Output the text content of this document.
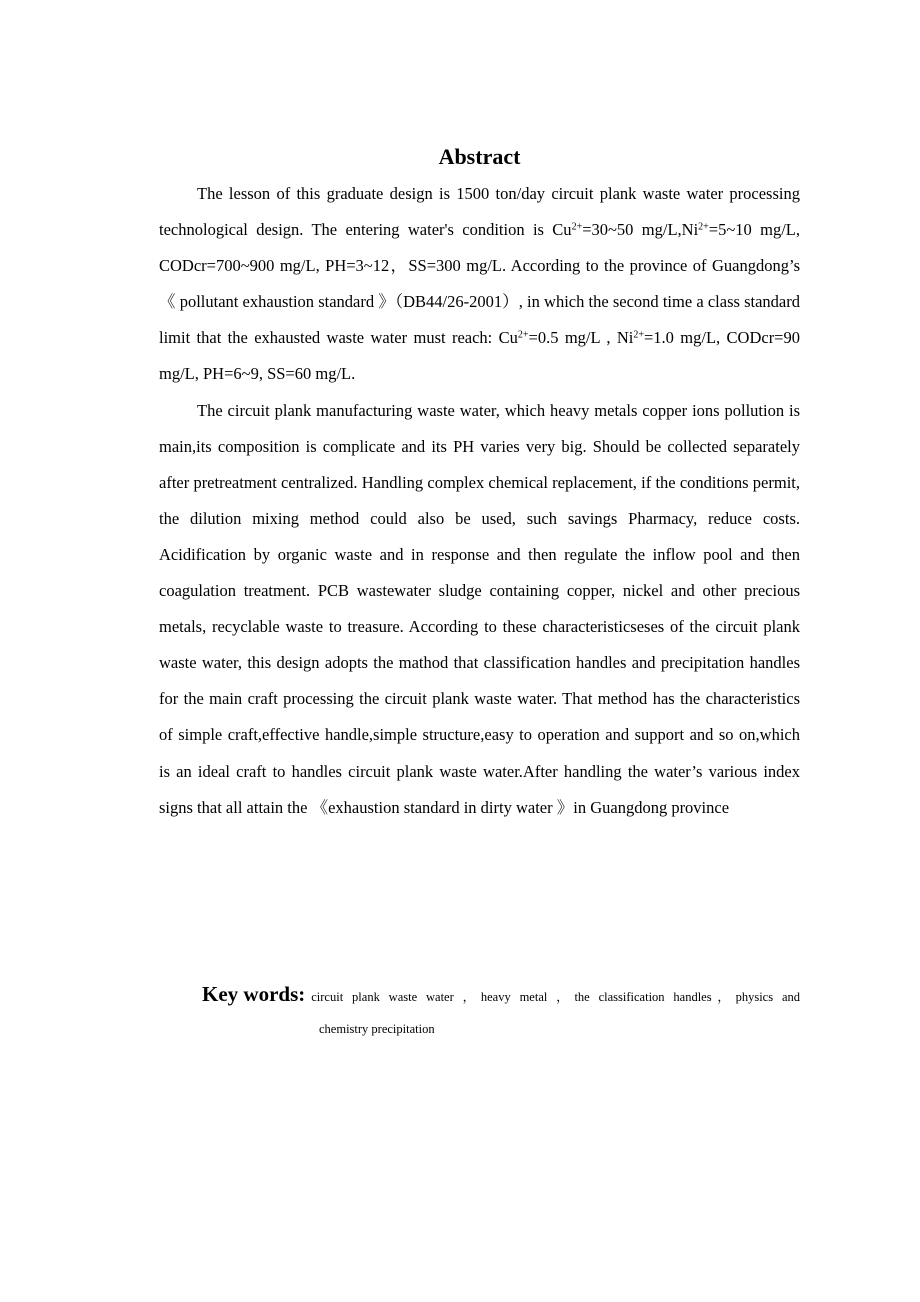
Abstract

The lesson of this graduate design is 1500 ton/day circuit plank waste water processing technological design. The entering water's condition is $Cu^{2+}=30\sim 50$ $mg/L,Ni^{2+}=5\sim 10$ mg/L, CODcr=700~900 mg/L, PH=3~12，SS=300 mg/L. According to the province of Guangdong’s 《 pollutant exhaustion standard 》（DB44/26-2001）, in which the second time a class standard limit that the exhausted waste water must reach: $Cu^{2+}=0.5$ mg/L , $Ni^{2+}=1.0$ mg/L, CODcr=90 mg/L, PH=6~9, SS=60 mg/L.

The circuit plank manufacturing waste water, which heavy metals copper ions pollution is main,its composition is complicate and its PH varies very big. Should be collected separately after pretreatment centralized. Handling complex chemical replacement, if the conditions permit, the dilution mixing method could also be used, such savings Pharmacy, reduce costs. Acidification by organic waste and in response and then regulate the inflow pool and then coagulation treatment. PCB wastewater sludge containing copper, nickel and other precious metals, recyclable waste to treasure. According to these characteristicseses of the circuit plank waste water, this design adopts the mathod that classification handles and precipitation handles for the main craft processing the circuit plank waste water. That method has the characteristics of simple craft,effective handle,simple structure,easy to operation and support and so on,which is an ideal craft to handles circuit plank waste water.After handling the water’s various index signs that all attain the 《exhaustion standard in dirty water 》in Guangdong province

Key words: circuit plank waste water ，heavy metal ，the classification handles，physics and
chemistry precipitation
